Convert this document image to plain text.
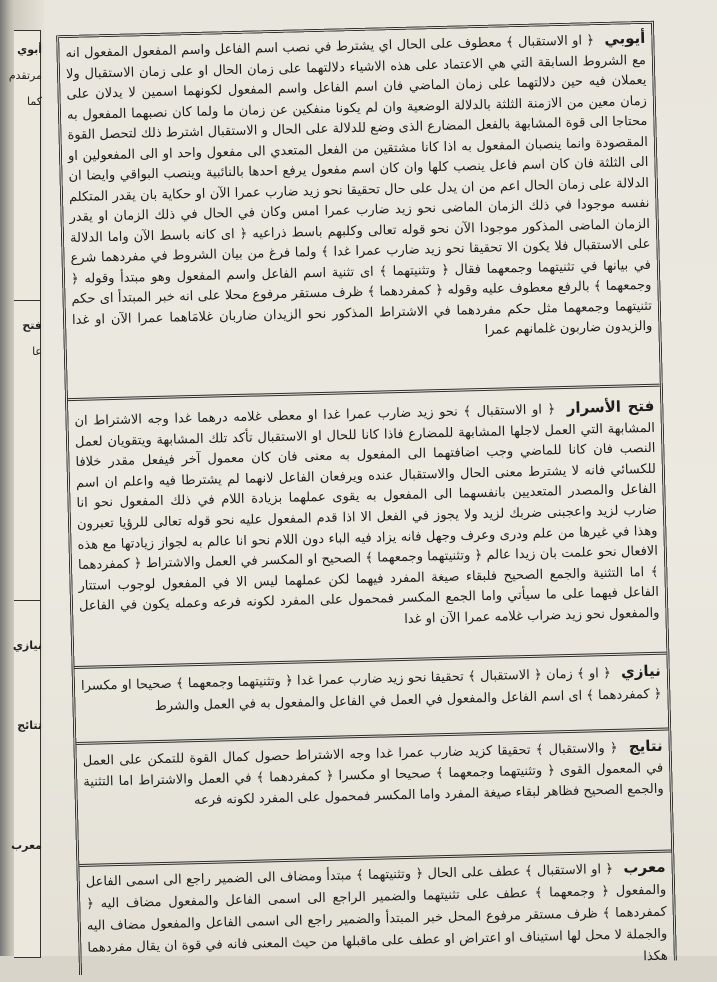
أبوي
مرتقدم
كما
فتح
عا
نيازي
تتائج
معرب
أيوبي ﴿ او الاستقبال ﴾ معطوف على الحال اي يشترط في نصب اسم الفاعل واسم المفعول المفعول انه مع الشروط السابقة التي هي الاعتماد على هذه الاشياء دلالتهما على زمان الحال او على زمان الاستقبال ولا يعملان فيه حين دلالتهما على زمان الماضي فان اسم الفاعل واسم المفعول لكونهما اسمين لا يدلان على زمان معين من الازمنة الثلثة بالدلالة الوضعية وان لم يكونا منفكين عن زمان ما ولما كان نصبهما المفعول به محتاجا الى قوة المشابهة بالفعل المضارع الذى وضع للدلالة على الحال و الاستقبال اشترط ذلك لتحصل القوة المقصودة وانما ينصبان المفعول به اذا كانا مشتقين من الفعل المتعدي الى مفعول واحد او الى المفعولين او الى الثلثة فان كان اسم فاعل ينصب كلها وان كان اسم مفعول يرفع احدها بالنائبية وينصب البواقي وايضا ان الدلالة على زمان الحال اعم من ان يدل على حال تحقيقا نحو زيد ضارب عمرا الآن او حكاية بان يقدر المتكلم نفسه موجودا في ذلك الزمان الماضى نحو زيد ضارب عمرا امس وكان في الحال في ذلك الزمان او يقدر الزمان الماضى المذكور موجودا الآن نحو قوله تعالى وكلبهم باسط ذراعيه ﴿ اى كانه باسط الآن واما الدلالة على الاستقبال فلا يكون الا تحقيقا نحو زيد ضارب عمرا غدا ﴾ ولما فرغ من بيان الشروط في مفردهما شرع في بيانها في تثنيتهما وجمعهما فقال ﴿ وتثنيتهما ﴾ اى تثنية اسم الفاعل واسم المفعول وهو مبتدأ وقوله ﴿ وجمعهما ﴾ بالرفع معطوف عليه وقوله ﴿ كمفردهما ﴾ ظرف مستقر مرفوع محلا على انه خبر المبتدأ اى حكم تثنيتهما وجمعهما مثل حكم مفردهما في الاشتراط المذكور نحو الزيدان ضاربان غلامَاهما عمرا الآن او غدا والزيدون ضاربون غلمانهم عمرا
فتح الأسرار ﴿ او الاستقبال ﴾ نحو زيد ضارب عمرا غدا او معطى غلامه درهما غدا وجه الاشتراط ان المشابهة التي العمل لاجلها المشابهة للمضارع فاذا كانا للحال او الاستقبال تأكد تلك المشابهة ويتقويان لعمل النصب فان كانا للماضي وجب اضافتهما الى المفعول به معنى فان كان معمول آخر فيفعل مقدر خلافا للكسائي فانه لا يشترط معنى الحال والاستقبال عنده ويرفعان الفاعل لانهما لم يشترطا فيه واعلم ان اسم الفاعل والمصدر المتعديين بانفسهما الى المفعول به يقوى عملهما بزيادة اللام في ذلك المفعول نحو انا ضارب لزيد واعجبنى ضربك لزيد ولا يجوز في الفعل الا اذا قدم المفعول عليه نحو قوله تعالى للرؤيا تعبرون وهذا في غيرها من علم ودرى وعرف وجهل فانه يزاد فيه الباء دون اللام نحو انا عالم به لجواز زيادتها مع هذه الافعال نحو علمت بان زيدا عالم ﴿ وتثنيتهما وجمعهما ﴾ الصحيح او المكسر في العمل والاشتراط ﴿ كمفردهما ﴾ اما التثنية والجمع الصحيح فلبقاء صيغة المفرد فيهما لكن عملهما ليس الا في المفعول لوجوب استتار الفاعل فيهما على ما سيأتي واما الجمع المكسر فمحمول على المفرد لكونه فرعه وعمله يكون في الفاعل والمفعول نحو زيد ضراب غلامه عمرا الآن او غدا
نيازي ﴿ او ﴾ زمان ﴿ الاستقبال ﴾ تحقيقا نحو زيد ضارب عمرا غدا ﴿ وتثنيتهما وجمعهما ﴾ صحيحا او مكسرا ﴿ كمفردهما ﴾ اى اسم الفاعل والمفعول في العمل في الفاعل والمفعول به في العمل والشرط
نتايج ﴿ والاستقبال ﴾ تحقيقا كزيد ضارب عمرا غدا وجه الاشتراط حصول كمال القوة للتمكن على العمل في المعمول القوى ﴿ وتثنيتهما وجمعهما ﴾ صحيحا او مكسرا ﴿ كمفردهما ﴾ في العمل والاشتراط اما التثنية والجمع الصحيح فظاهر لبقاء صيغة المفرد واما المكسر فمحمول على المفرد لكونه فرعه
معرب ﴿ او الاستقبال ﴾ عطف على الحال ﴿ وتثنيتهما ﴾ مبتدأ ومضاف الى الضمير راجع الى اسمى الفاعل والمفعول ﴿ وجمعهما ﴾ عطف على تثنيتهما والضمير الراجع الى اسمى الفاعل والمفعول مضاف اليه ﴿ كمفردهما ﴾ ظرف مستقر مرفوع المحل خبر المبتدأ والضمير راجع الى اسمى الفاعل والمفعول مضاف اليه والجملة لا محل لها استيناف او اعتراض او عطف على ماقبلها من حيث المعنى فانه في قوة ان يقال مفردهما هكذا
